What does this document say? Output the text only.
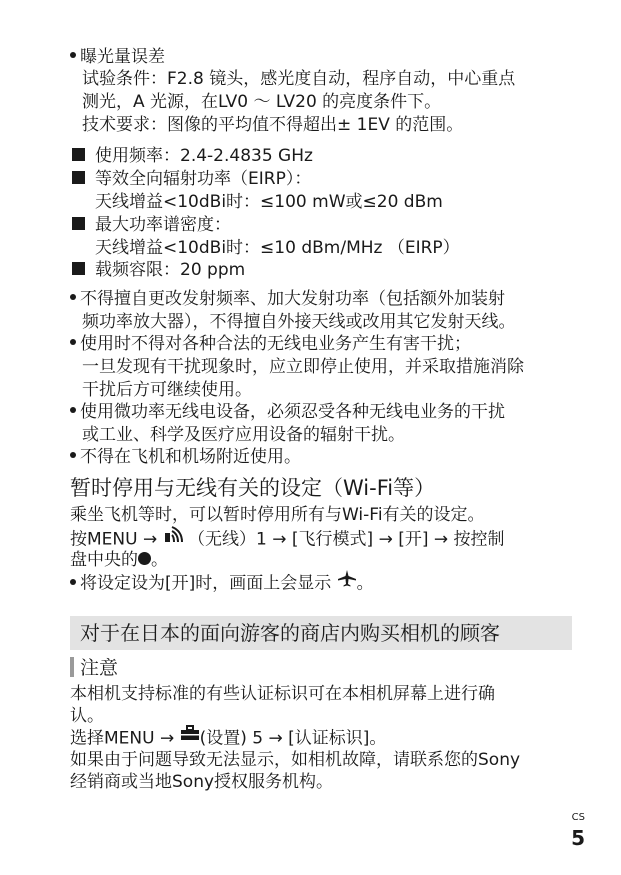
曝光量误差
试验条件：F2.8 镜头，感光度自动，程序自动，中心重点
测光，A 光源，在LV0 ～ LV20 的亮度条件下。
技术要求：图像的平均值不得超出± 1EV 的范围。
使用频率：2.4-2.4835 GHz
等效全向辐射功率（EIRP）：
天线增益<10dBi时：≤100 mW或≤20 dBm
最大功率谱密度：
天线增益<10dBi时：≤10 dBm/MHz （EIRP）
载频容限：20 ppm
不得擅自更改发射频率、加大发射功率（包括额外加装射
频功率放大器），不得擅自外接天线或改用其它发射天线。
使用时不得对各种合法的无线电业务产生有害干扰；
一旦发现有干扰现象时，应立即停止使用，并采取措施消除
干扰后方可继续使用。
使用微功率无线电设备，必须忍受各种无线电业务的干扰
或工业、科学及医疗应用设备的辐射干扰。
不得在飞机和机场附近使用。
暂时停用与无线有关的设定（Wi-Fi等）
乘坐飞机等时，可以暂时停用所有与Wi-Fi有关的设定。
按MENU → （无线）1 → [飞行模式] → [开] → 按控制
盘中央的 。
将设定设为[开]时，画面上会显示 。
对于在日本的面向游客的商店内购买相机的顾客
注意
本相机支持标准的有些认证标识可在本相机屏幕上进行确
认。
选择MENU → (设置) 5 → [认证标识]。
如果由于问题导致无法显示，如相机故障，请联系您的Sony
经销商或当地Sony授权服务机构。
CS
5
